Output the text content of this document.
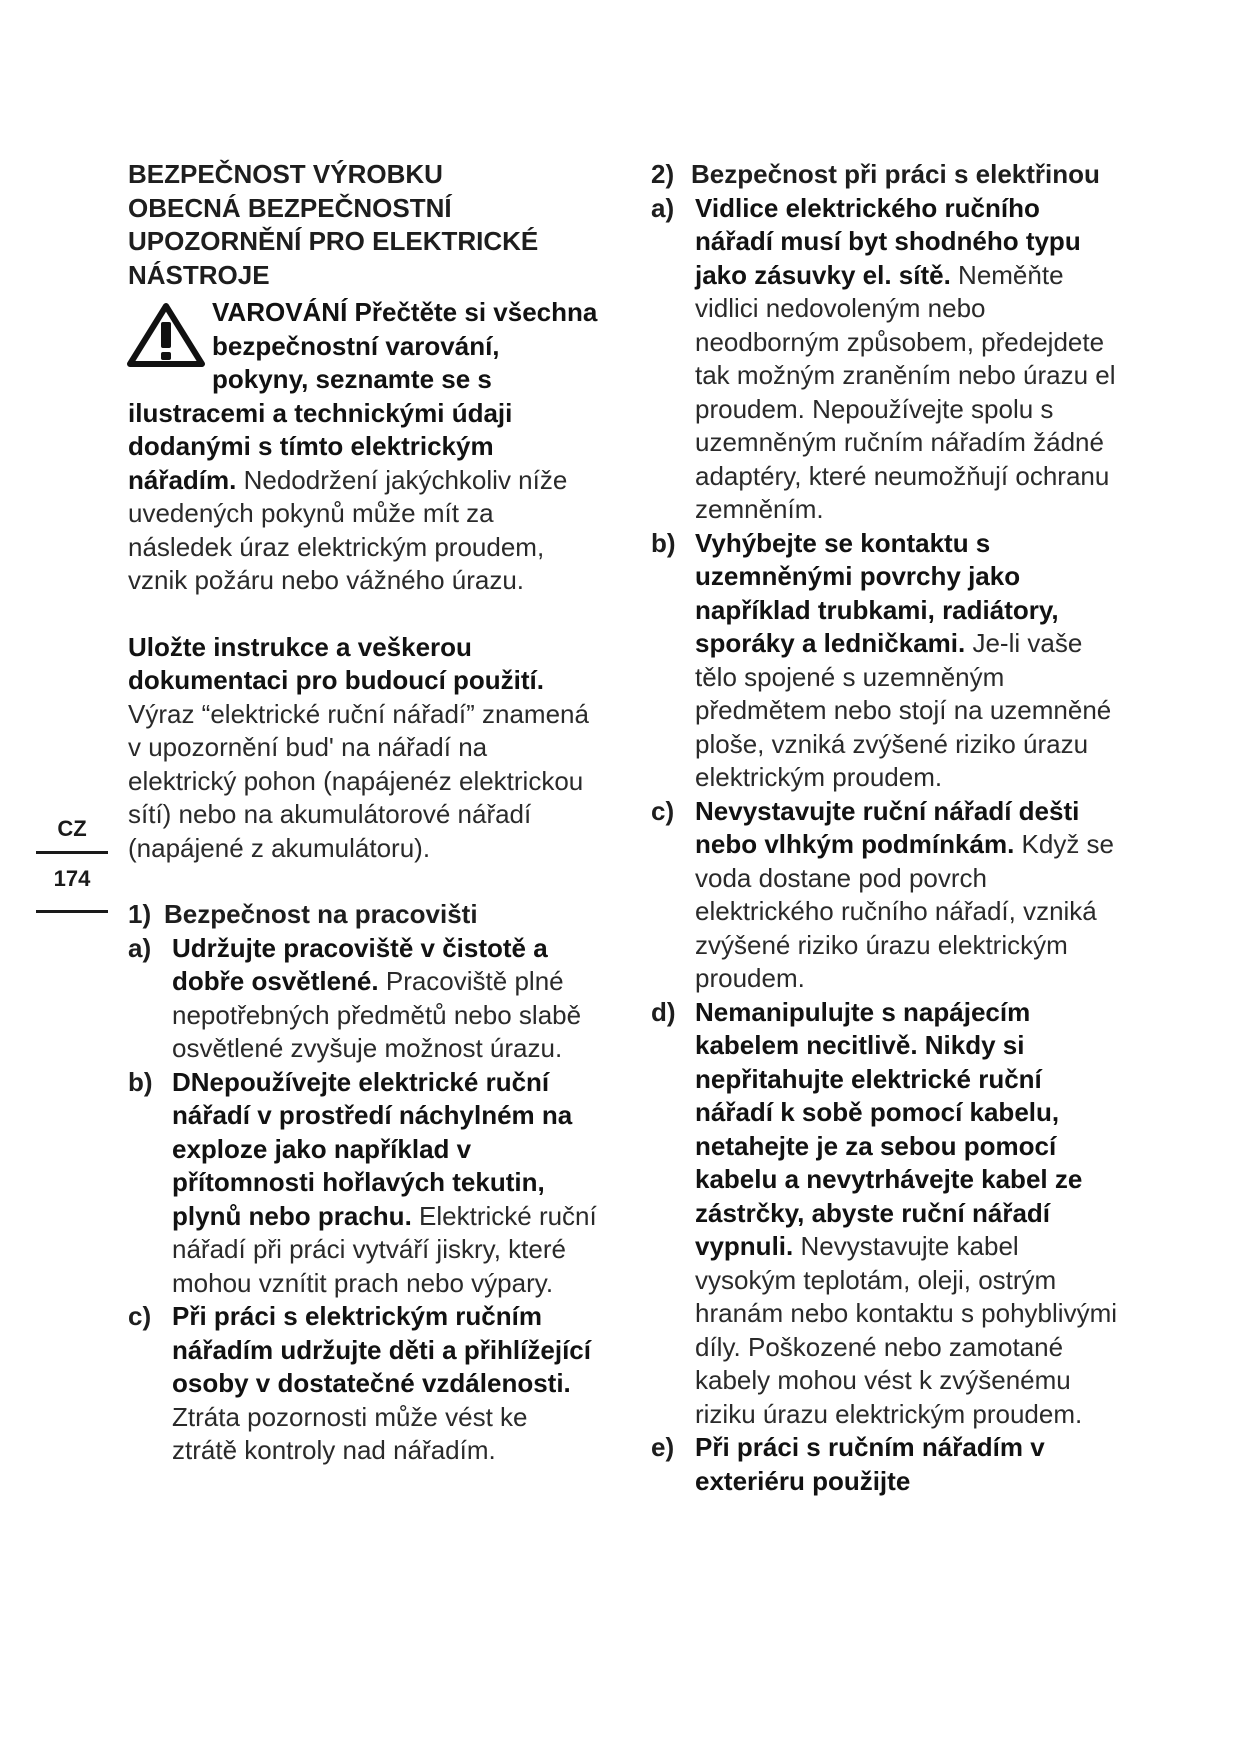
CZ
174

BEZPEČNOST VÝROBKU
OBECNÁ BEZPEČNOSTNÍ
UPOZORNĚNÍ PRO ELEKTRICKÉ
NÁSTROJE

VAROVÁNÍ Přečtěte si všechna bezpečnostní varování, pokyny, seznamte se s ilustracemi a technickými údaji dodanými s tímto elektrickým nářadím. Nedodržení jakýchkoliv níže uvedených pokynů může mít za následek úraz elektrickým proudem, vznik požáru nebo vážného úrazu.

Uložte instrukce a veškerou dokumentaci pro budoucí použití. Výraz “elektrické ruční nářadí” znamená v upozornění bud' na nářadí na elektrický pohon (napájenéz elektrickou sítí) nebo na akumulátorové nářadí (napájené z akumulátoru).

1) Bezpečnost na pracovišti

a) Udržujte pracoviště v čistotě a dobře osvětlené. Pracoviště plné nepotřebných předmětů nebo slabě osvětlené zvyšuje možnost úrazu.

b) DNepoužívejte elektrické ruční nářadí v prostředí náchylném na exploze jako například v přítomnosti hořlavých tekutin, plynů nebo prachu. Elektrické ruční nářadí při práci vytváří jiskry, které mohou vznítit prach nebo výpary.

c) Při práci s elektrickým ručním nářadím udržujte děti a přihlížející osoby v dostatečné vzdálenosti. Ztráta pozornosti může vést ke ztrátě kontroly nad nářadím.

2) Bezpečnost při práci s elektřinou

a) Vidlice elektrického ručního nářadí musí byt shodného typu jako zásuvky el. sítě. Neměňte vidlici nedovoleným nebo neodborným způsobem, předejdete tak možným zraněním nebo úrazu el proudem. Nepoužívejte spolu s uzemněným ručním nářadím žádné adaptéry, které neumožňují ochranu zemněním.

b) Vyhýbejte se kontaktu s uzemněnými povrchy jako například trubkami, radiátory, sporáky a ledničkami. Je-li vaše tělo spojené s uzemněným předmětem nebo stojí na uzemněné ploše, vzniká zvýšené riziko úrazu elektrickým proudem.

c) Nevystavujte ruční nářadí dešti nebo vlhkým podmínkám. Když se voda dostane pod povrch elektrického ručního nářadí, vzniká zvýšené riziko úrazu elektrickým proudem.

d) Nemanipulujte s napájecím kabelem necitlivě. Nikdy si nepřitahujte elektrické ruční nářadí k sobě pomocí kabelu, netahejte je za sebou pomocí kabelu a nevytrhávejte kabel ze zástrčky, abyste ruční nářadí vypnuli. Nevystavujte kabel vysokým teplotám, oleji, ostrým hranám nebo kontaktu s pohyblivými díly. Poškozené nebo zamotané kabely mohou vést k zvýšenému riziku úrazu elektrickým proudem.

e) Při práci s ručním nářadím v exteriéru použijte
